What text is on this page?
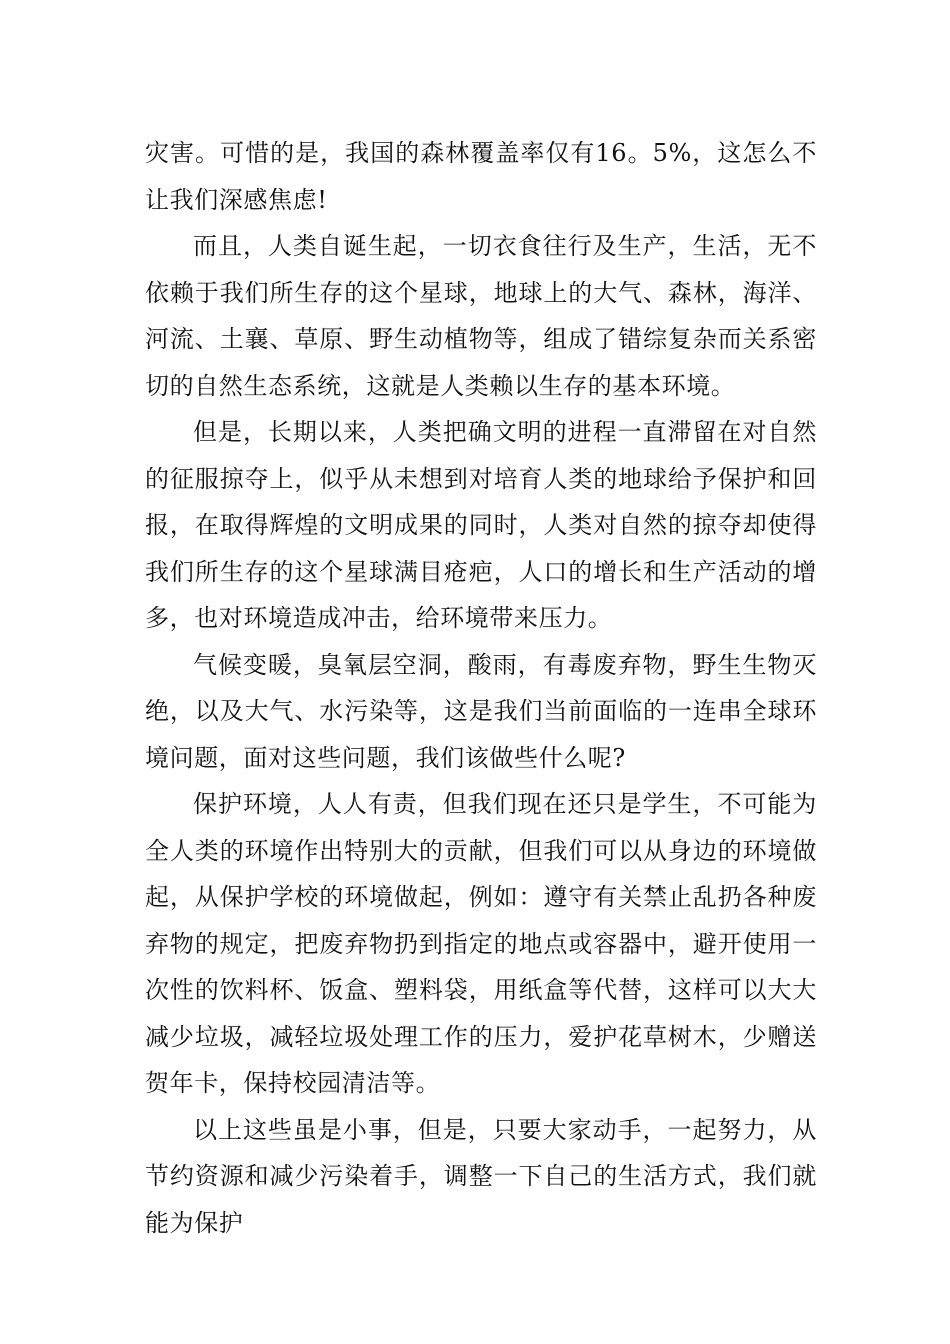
灾害。可惜的是，我国的森林覆盖率仅有16。5%，这怎么不让我们深感焦虑!

而且，人类自诞生起，一切衣食往行及生产，生活，无不依赖于我们所生存的这个星球，地球上的大气、森林，海洋、河流、土襄、草原、野生动植物等，组成了错综复杂而关系密切的自然生态系统，这就是人类赖以生存的基本环境。

但是，长期以来，人类把确文明的进程一直滞留在对自然的征服掠夺上，似乎从未想到对培育人类的地球给予保护和回报，在取得辉煌的文明成果的同时，人类对自然的掠夺却使得我们所生存的这个星球满目疮疤，人口的增长和生产活动的增多，也对环境造成冲击，给环境带来压力。

气候变暖，臭氧层空洞，酸雨，有毒废弃物，野生生物灭绝，以及大气、水污染等，这是我们当前面临的一连串全球环境问题，面对这些问题，我们该做些什么呢?

保护环境，人人有责，但我们现在还只是学生，不可能为全人类的环境作出特别大的贡献，但我们可以从身边的环境做起，从保护学校的环境做起，例如：遵守有关禁止乱扔各种废弃物的规定，把废弃物扔到指定的地点或容器中，避开使用一次性的饮料杯、饭盒、塑料袋，用纸盒等代替，这样可以大大减少垃圾，减轻垃圾处理工作的压力，爱护花草树木，少赠送贺年卡，保持校园清洁等。

以上这些虽是小事，但是，只要大家动手，一起努力，从节约资源和减少污染着手，调整一下自己的生活方式，我们就能为保护
